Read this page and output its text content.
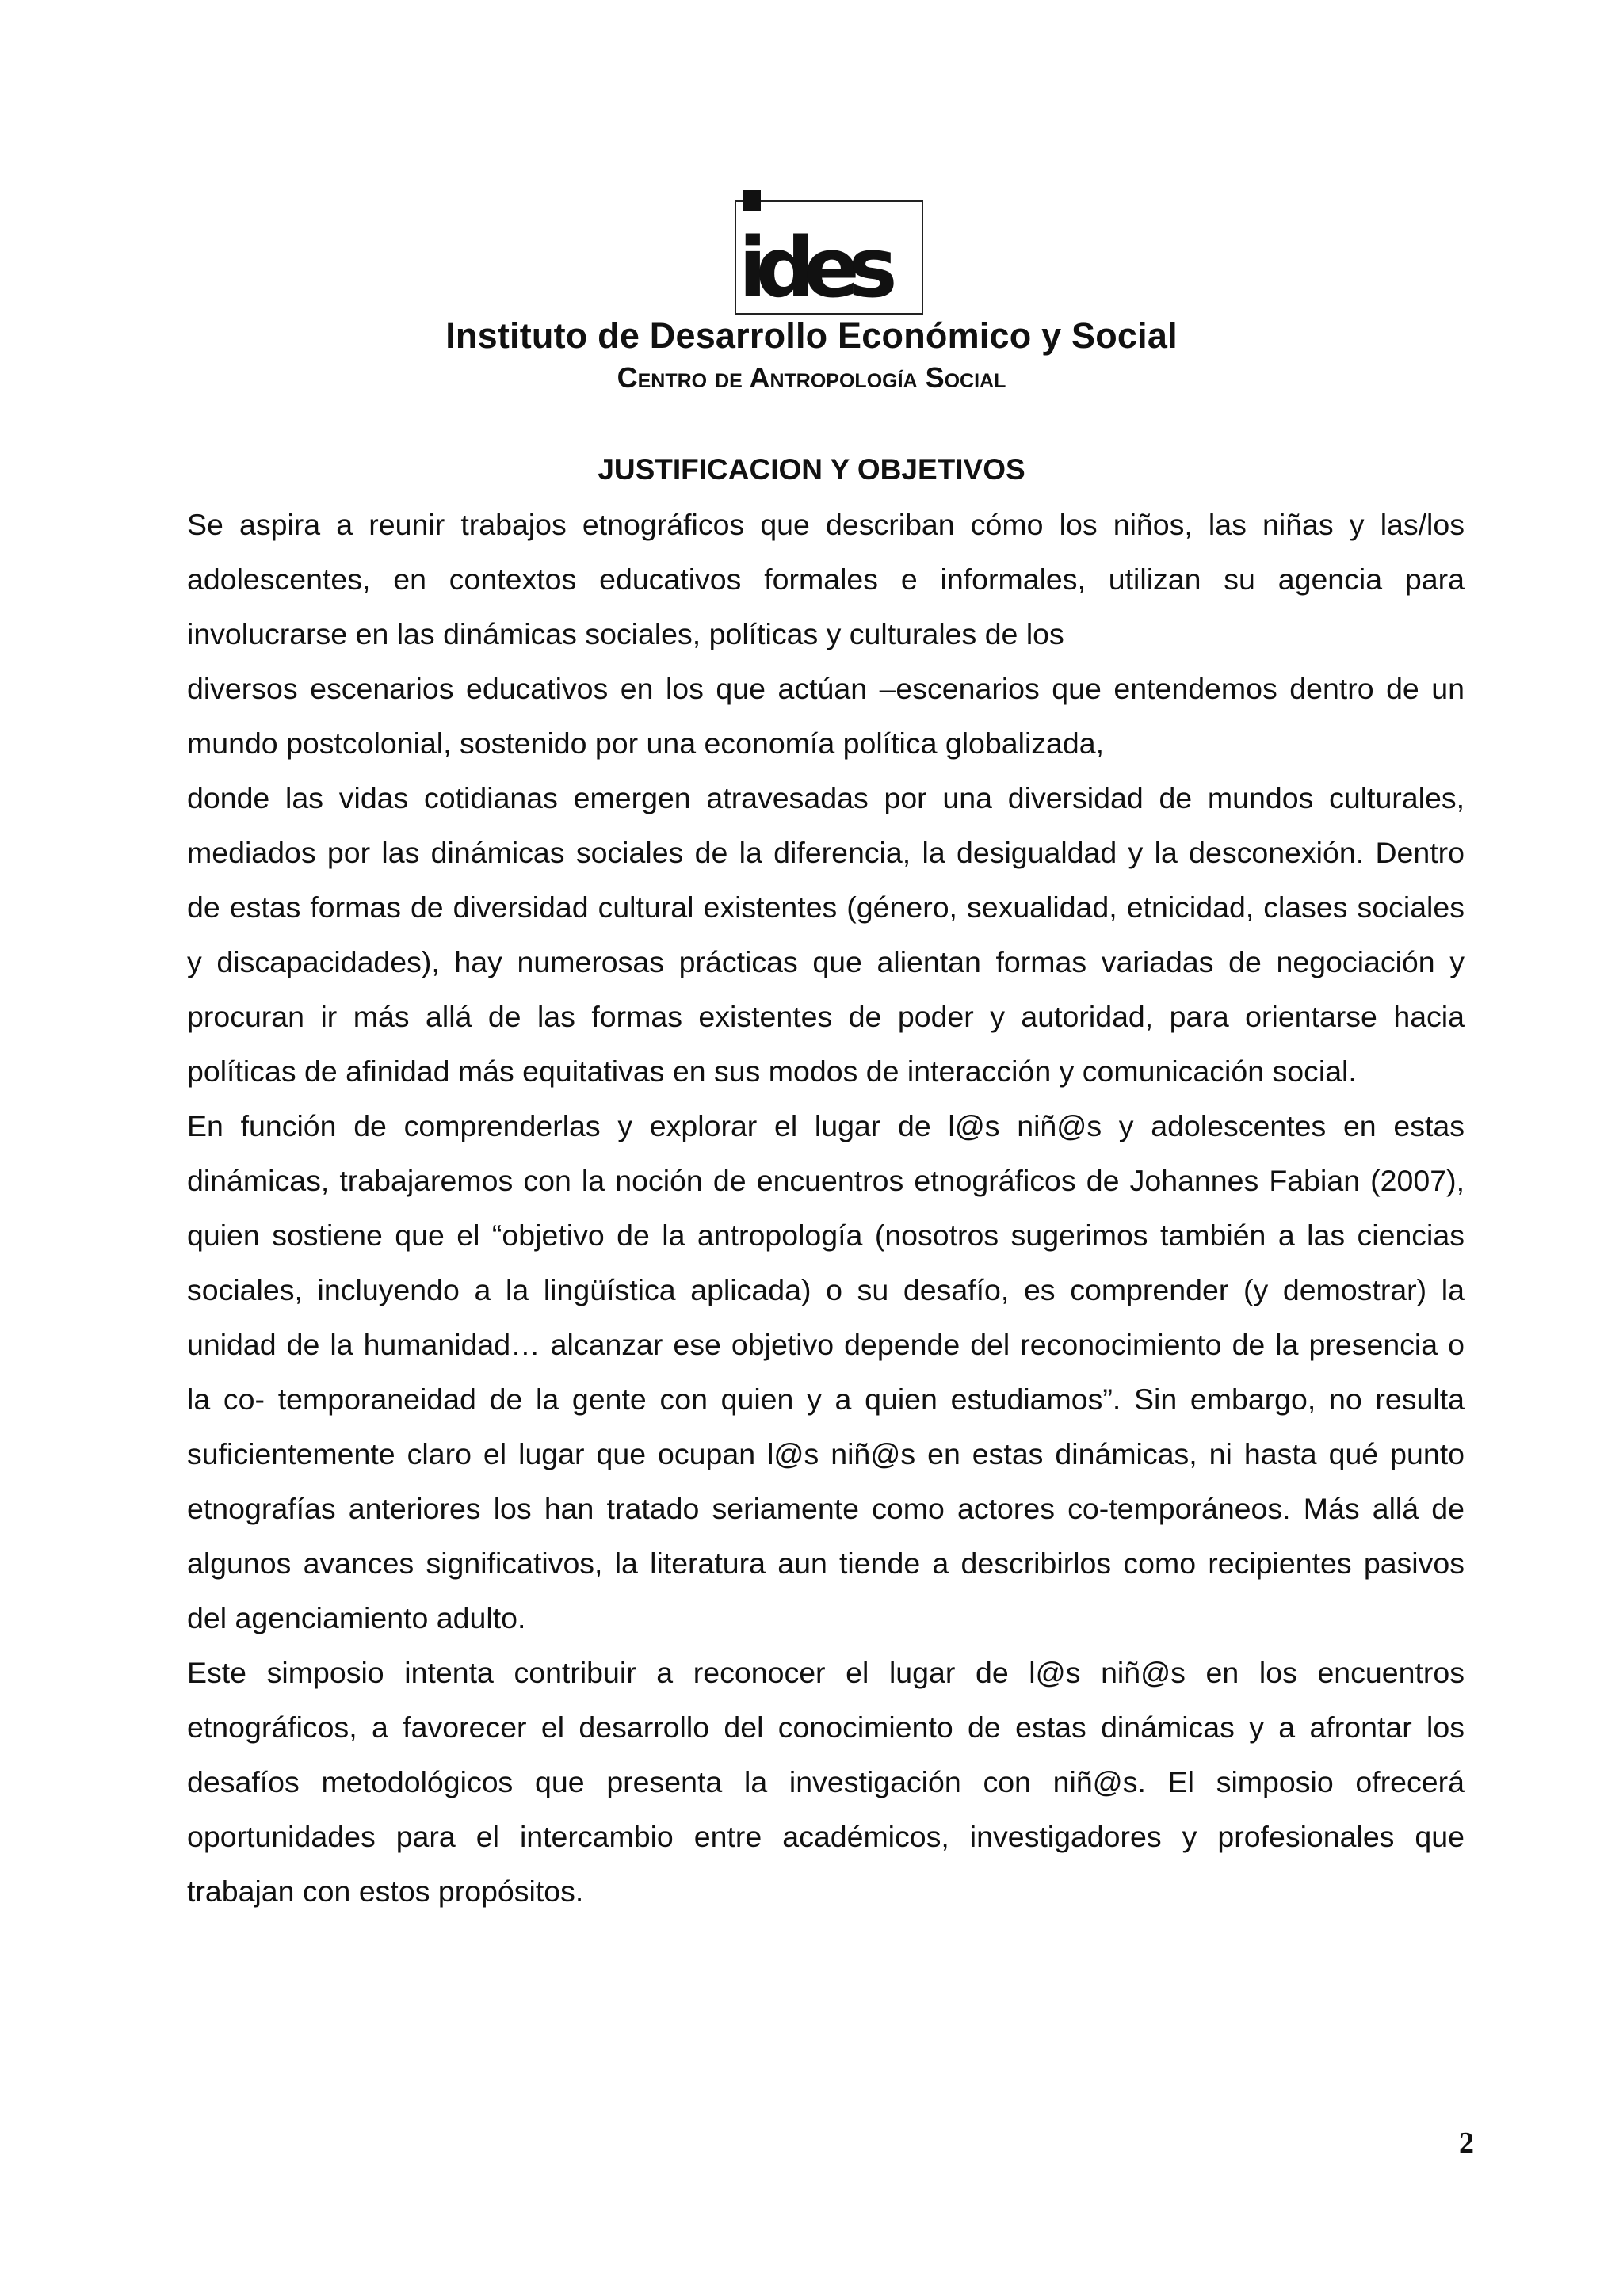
ides
Instituto de Desarrollo Económico y Social
Centro de Antropología Social
JUSTIFICACION Y OBJETIVOS

Se aspira a reunir trabajos etnográficos que describan cómo los niños, las niñas y las/los adolescentes, en contextos educativos formales e informales, utilizan su agencia para involucrarse en las dinámicas sociales, políticas y culturales de los

diversos escenarios educativos en los que actúan –escenarios que entendemos dentro de un mundo postcolonial, sostenido por una economía política globalizada,

donde las vidas cotidianas emergen atravesadas por una diversidad de mundos culturales, mediados por las dinámicas sociales de la diferencia, la desigualdad y la desconexión. Dentro de estas formas de diversidad cultural existentes (género, sexualidad, etnicidad, clases sociales y discapacidades), hay numerosas prácticas que alientan formas variadas de negociación y procuran ir más allá de las formas existentes de poder y autoridad, para orientarse hacia políticas de afinidad más equitativas en sus modos de interacción y comunicación social.

En función de comprenderlas y explorar el lugar de l@s niñ@s y adolescentes en estas dinámicas, trabajaremos con la noción de encuentros etnográficos de Johannes Fabian (2007), quien sostiene que el “objetivo de la antropología (nosotros sugerimos también a las ciencias sociales, incluyendo a la lingüística aplicada) o su desafío, es comprender (y demostrar) la unidad de la humanidad… alcanzar ese objetivo depende del reconocimiento de la presencia o la co- temporaneidad de la gente con quien y a quien estudiamos”. Sin embargo, no resulta suficientemente claro el lugar que ocupan l@s niñ@s en estas dinámicas, ni hasta qué punto etnografías anteriores los han tratado seriamente como actores co-temporáneos. Más allá de algunos avances significativos, la literatura aun tiende a describirlos como recipientes pasivos del agenciamiento adulto.

Este simposio intenta contribuir a reconocer el lugar de l@s niñ@s en los encuentros etnográficos, a favorecer el desarrollo del conocimiento de estas dinámicas y a afrontar los desafíos metodológicos que presenta la investigación con niñ@s. El simposio ofrecerá oportunidades para el intercambio entre académicos, investigadores y profesionales que trabajan con estos propósitos.

2
